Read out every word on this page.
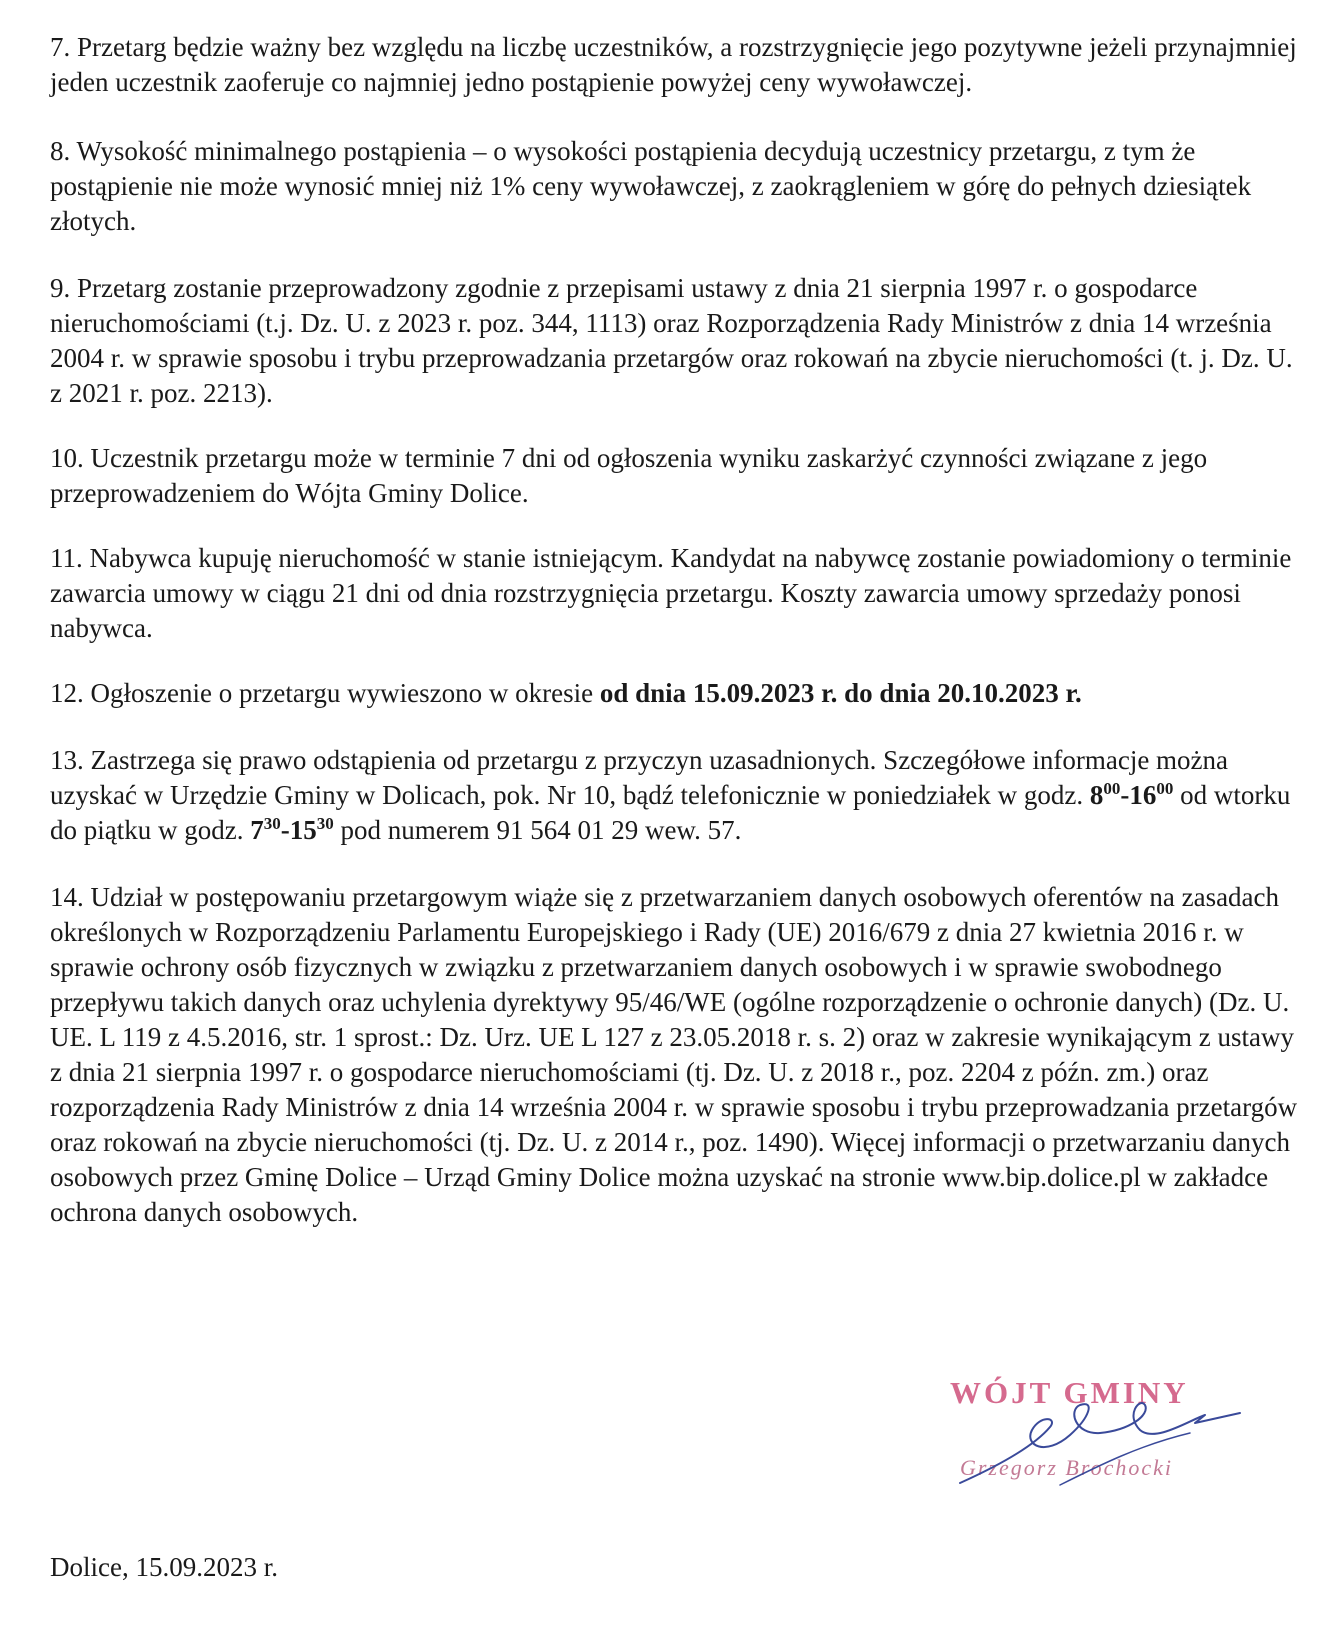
7. Przetarg będzie ważny bez względu na liczbę uczestników, a rozstrzygnięcie jego pozytywne jeżeli przynajmniej jeden uczestnik zaoferuje co najmniej jedno postąpienie powyżej ceny wywoławczej.

8. Wysokość minimalnego postąpienia – o wysokości postąpienia decydują uczestnicy przetargu, z tym że postąpienie nie może wynosić mniej niż 1% ceny wywoławczej, z zaokrągleniem w górę do pełnych dziesiątek złotych.

9. Przetarg zostanie przeprowadzony zgodnie z przepisami ustawy z dnia 21 sierpnia 1997 r. o gospodarce nieruchomościami (t.j. Dz. U. z 2023 r. poz. 344, 1113) oraz Rozporządzenia Rady Ministrów z dnia 14 września 2004 r. w sprawie sposobu i trybu przeprowadzania przetargów oraz rokowań na zbycie nieruchomości (t. j. Dz. U. z 2021 r. poz. 2213).

10. Uczestnik przetargu może w terminie 7 dni od ogłoszenia wyniku zaskarżyć czynności związane z jego przeprowadzeniem do Wójta Gminy Dolice.

11. Nabywca kupuję nieruchomość w stanie istniejącym. Kandydat na nabywcę zostanie powiadomiony o terminie zawarcia umowy w ciągu 21 dni od dnia rozstrzygnięcia przetargu. Koszty zawarcia umowy sprzedaży ponosi nabywca.

12. Ogłoszenie o przetargu wywieszono w okresie od dnia 15.09.2023 r. do dnia 20.10.2023 r.

13. Zastrzega się prawo odstąpienia od przetargu z przyczyn uzasadnionych. Szczegółowe informacje można uzyskać w Urzędzie Gminy w Dolicach, pok. Nr 10, bądź telefonicznie w poniedziałek w godz. $8^{00}-16^{00}$ od wtorku do piątku w godz. $7^{30}-15^{30}$ pod numerem 91 564 01 29 wew. 57.

14. Udział w postępowaniu przetargowym wiąże się z przetwarzaniem danych osobowych oferentów na zasadach określonych w Rozporządzeniu Parlamentu Europejskiego i Rady (UE) 2016/679 z dnia 27 kwietnia 2016 r. w sprawie ochrony osób fizycznych w związku z przetwarzaniem danych osobowych i w sprawie swobodnego przepływu takich danych oraz uchylenia dyrektywy 95/46/WE (ogólne rozporządzenie o ochronie danych) (Dz. U. UE. L 119 z 4.5.2016, str. 1 sprost.: Dz. Urz. UE L 127 z 23.05.2018 r. s. 2) oraz w zakresie wynikającym z ustawy z dnia 21 sierpnia 1997 r. o gospodarce nieruchomościami (tj. Dz. U. z 2018 r., poz. 2204 z późn. zm.) oraz rozporządzenia Rady Ministrów z dnia 14 września 2004 r. w sprawie sposobu i trybu przeprowadzania przetargów oraz rokowań na zbycie nieruchomości (tj. Dz. U. z 2014 r., poz. 1490). Więcej informacji o przetwarzaniu danych osobowych przez Gminę Dolice – Urząd Gminy Dolice można uzyskać na stronie www.bip.dolice.pl w zakładce ochrona danych osobowych.

WÓJT GMINY
Grzegorz Brochocki
Dolice, 15.09.2023 r.
